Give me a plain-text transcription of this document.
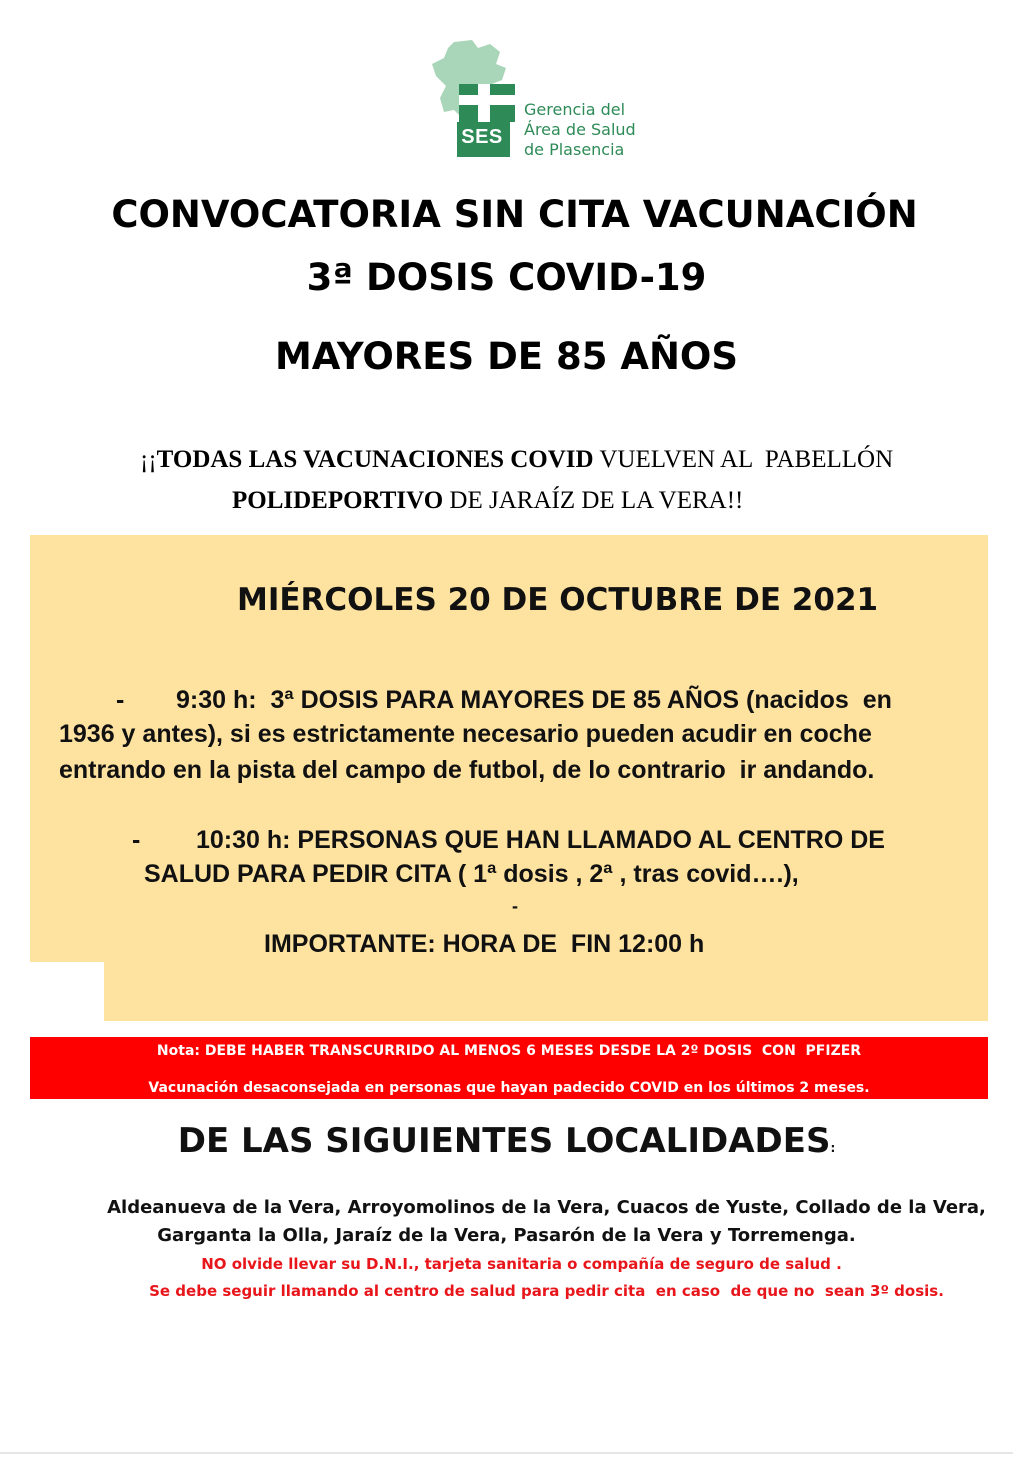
SES
Gerencia del
Área de Salud
de Plasencia
CONVOCATORIA SIN CITA VACUNACIÓN
3ª DOSIS COVID-19
MAYORES DE 85 AÑOS
¡¡TODAS LAS VACUNACIONES COVID VUELVEN AL  PABELLÓN
POLIDEPORTIVO DE JARAÍZ DE LA VERA!!
MIÉRCOLES 20 DE OCTUBRE DE 2021
- 9:30 h:  3ª DOSIS PARA MAYORES DE 85 AÑOS (nacidos  en
1936 y antes), si es estrictamente necesario pueden acudir en coche
entrando en la pista del campo de futbol, de lo contrario  ir andando.
- 10:30 h: PERSONAS QUE HAN LLAMADO AL CENTRO DE
SALUD PARA PEDIR CITA ( 1ª dosis , 2ª , tras covid….),
-
IMPORTANTE: HORA DE  FIN 12:00 h
Nota: DEBE HABER TRANSCURRIDO AL MENOS 6 MESES DESDE LA 2º DOSIS  CON  PFIZER
Vacunación desaconsejada en personas que hayan padecido COVID en los últimos 2 meses.
DE LAS SIGUIENTES LOCALIDADES:
Aldeanueva de la Vera, Arroyomolinos de la Vera, Cuacos de Yuste, Collado de la Vera,
Garganta la Olla, Jaraíz de la Vera, Pasarón de la Vera y Torremenga.
NO olvide llevar su D.N.I., tarjeta sanitaria o compañía de seguro de salud .
Se debe seguir llamando al centro de salud para pedir cita  en caso  de que no  sean 3º dosis.
